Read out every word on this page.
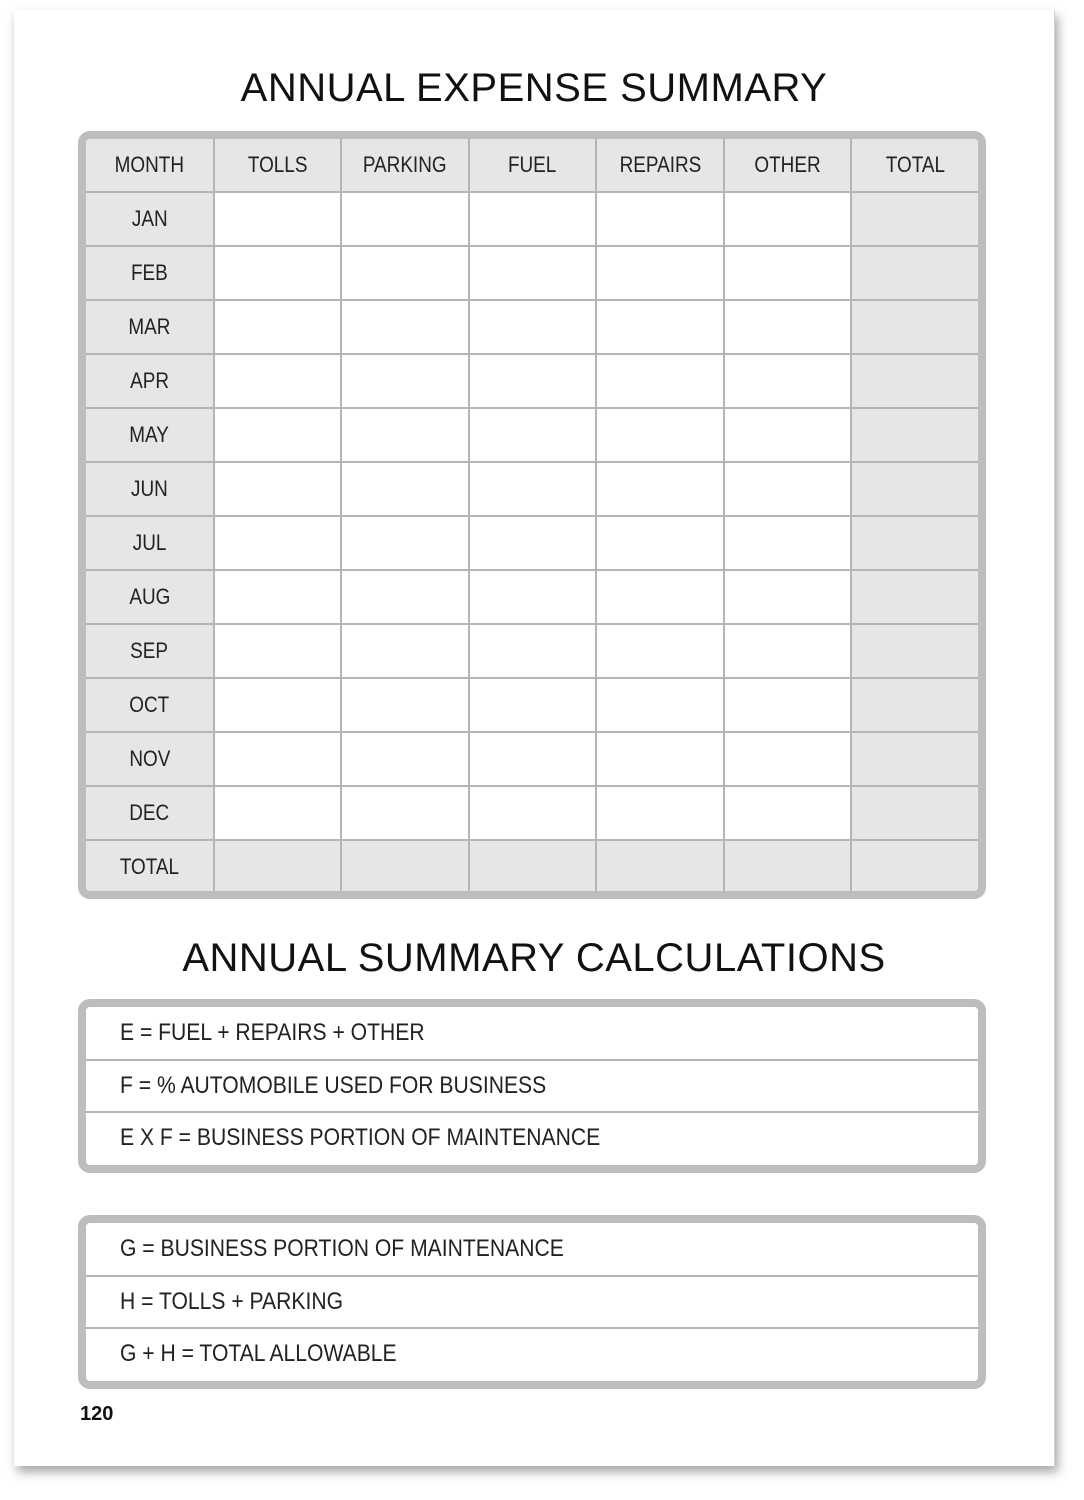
ANNUAL EXPENSE SUMMARY
MONTH	TOLLS	PARKING	FUEL	REPAIRS	OTHER	TOTAL
JAN						
FEB						
MAR						
APR						
MAY						
JUN						
JUL						
AUG						
SEP						
OCT						
NOV						
DEC						
TOTAL						
ANNUAL SUMMARY CALCULATIONS
E = FUEL + REPAIRS + OTHER
F = % AUTOMOBILE USED FOR BUSINESS
E X F = BUSINESS PORTION OF MAINTENANCE
G = BUSINESS PORTION OF MAINTENANCE
H = TOLLS + PARKING
G + H = TOTAL ALLOWABLE
120
